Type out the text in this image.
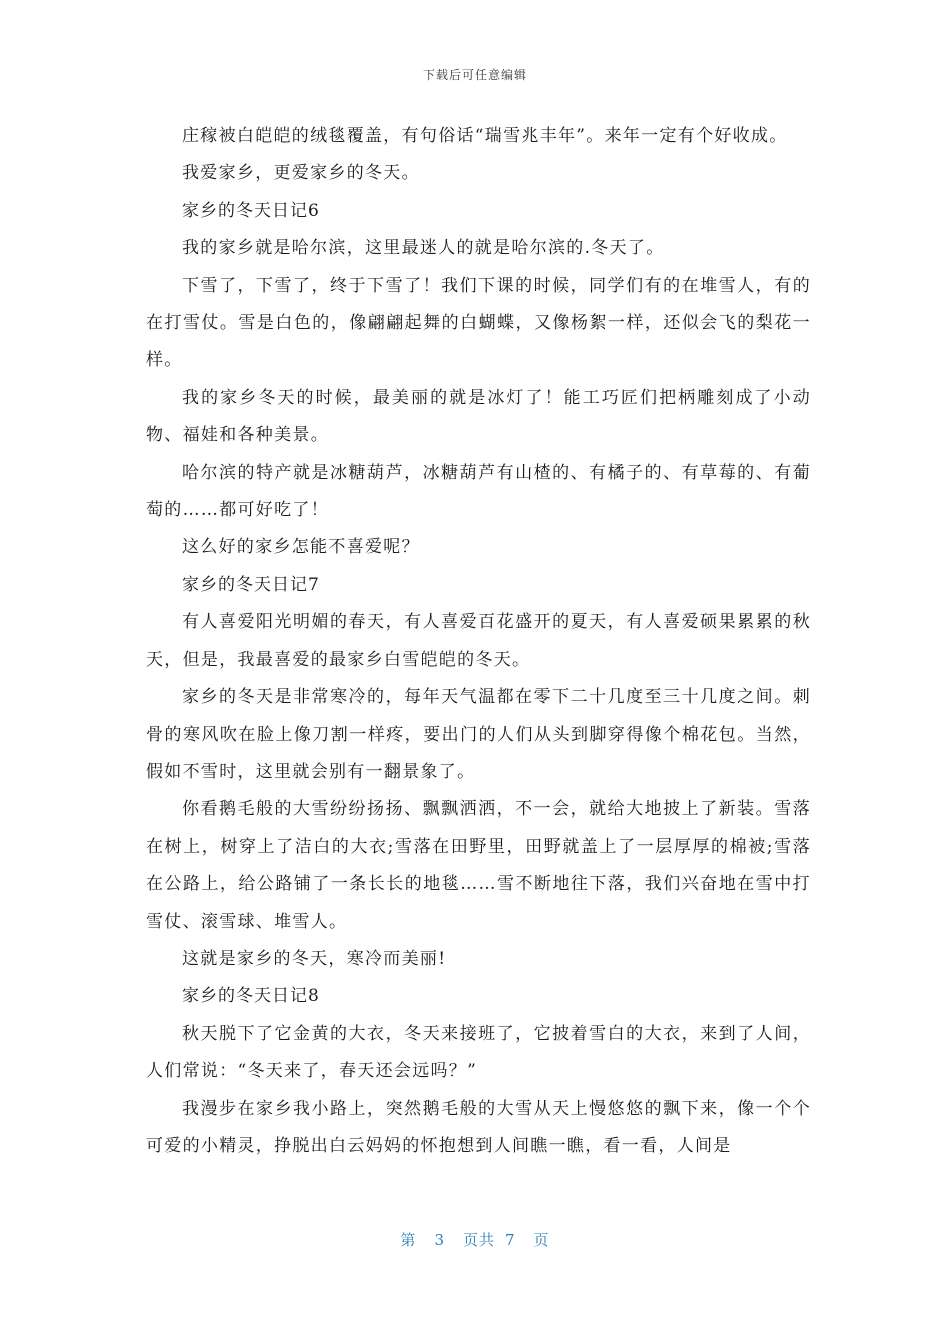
下载后可任意编辑

庄稼被白皑皑的绒毯覆盖，有句俗话“瑞雪兆丰年”。来年一定有个好收成。

我爱家乡，更爱家乡的冬天。

家乡的冬天日记6

我的家乡就是哈尔滨，这里最迷人的就是哈尔滨的.冬天了。

下雪了，下雪了，终于下雪了！我们下课的时候，同学们有的在堆雪人，有的在打雪仗。雪是白色的，像翩翩起舞的白蝴蝶，又像杨絮一样，还似会飞的梨花一样。

我的家乡冬天的时候，最美丽的就是冰灯了！能工巧匠们把柄雕刻成了小动物、福娃和各种美景。

哈尔滨的特产就是冰糖葫芦，冰糖葫芦有山楂的、有橘子的、有草莓的、有葡萄的……都可好吃了！

这么好的家乡怎能不喜爱呢？

家乡的冬天日记7

有人喜爱阳光明媚的春天，有人喜爱百花盛开的夏天，有人喜爱硕果累累的秋天，但是，我最喜爱的最家乡白雪皑皑的冬天。

家乡的冬天是非常寒冷的，每年天气温都在零下二十几度至三十几度之间。刺骨的寒风吹在脸上像刀割一样疼，要出门的人们从头到脚穿得像个棉花包。当然，假如不雪时，这里就会别有一翻景象了。

你看鹅毛般的大雪纷纷扬扬、飘飘洒洒，不一会，就给大地披上了新装。雪落在树上，树穿上了洁白的大衣;雪落在田野里，田野就盖上了一层厚厚的棉被;雪落在公路上，给公路铺了一条长长的地毯……雪不断地往下落，我们兴奋地在雪中打雪仗、滚雪球、堆雪人。

这就是家乡的冬天，寒冷而美丽!

家乡的冬天日记8

秋天脱下了它金黄的大衣，冬天来接班了，它披着雪白的大衣，来到了人间，人们常说：“冬天来了，春天还会远吗？”

我漫步在家乡我小路上，突然鹅毛般的大雪从天上慢悠悠的飘下来，像一个个可爱的小精灵，挣脱出白云妈妈的怀抱想到人间瞧一瞧，看一看，人间是

第 3 页共 7 页
